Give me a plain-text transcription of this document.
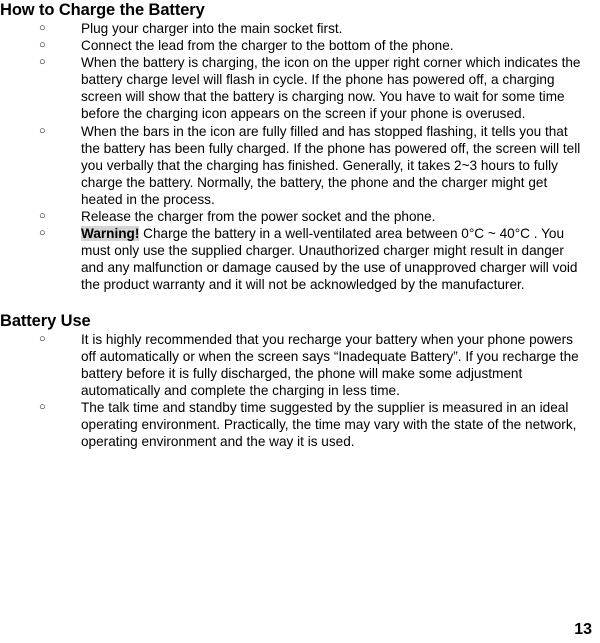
How to Charge the Battery
○	Plug your charger into the main socket first.
○	Connect the lead from the charger to the bottom of the phone.
○	When the battery is charging, the icon on the upper right corner which indicates the battery charge level will flash in cycle. If the phone has powered off, a charging screen will show that the battery is charging now. You have to wait for some time before the charging icon appears on the screen if your phone is overused.
○	When the bars in the icon are fully filled and has stopped flashing, it tells you that the battery has been fully charged. If the phone has powered off, the screen will tell you verbally that the charging has finished. Generally, it takes 2~3 hours to fully charge the battery. Normally, the battery, the phone and the charger might get heated in the process.
○	Release the charger from the power socket and the phone.
○	Warning! Charge the battery in a well-ventilated area between 0°C ~ 40°C . You must only use the supplied charger. Unauthorized charger might result in danger and any malfunction or damage caused by the use of unapproved charger will void the product warranty and it will not be acknowledged by the manufacturer.
Battery Use
○	It is highly recommended that you recharge your battery when your phone powers off automatically or when the screen says “Inadequate Battery”. If you recharge the battery before it is fully discharged, the phone will make some adjustment automatically and complete the charging in less time.
○	The talk time and standby time suggested by the supplier is measured in an ideal operating environment. Practically, the time may vary with the state of the network, operating environment and the way it is used.
13
